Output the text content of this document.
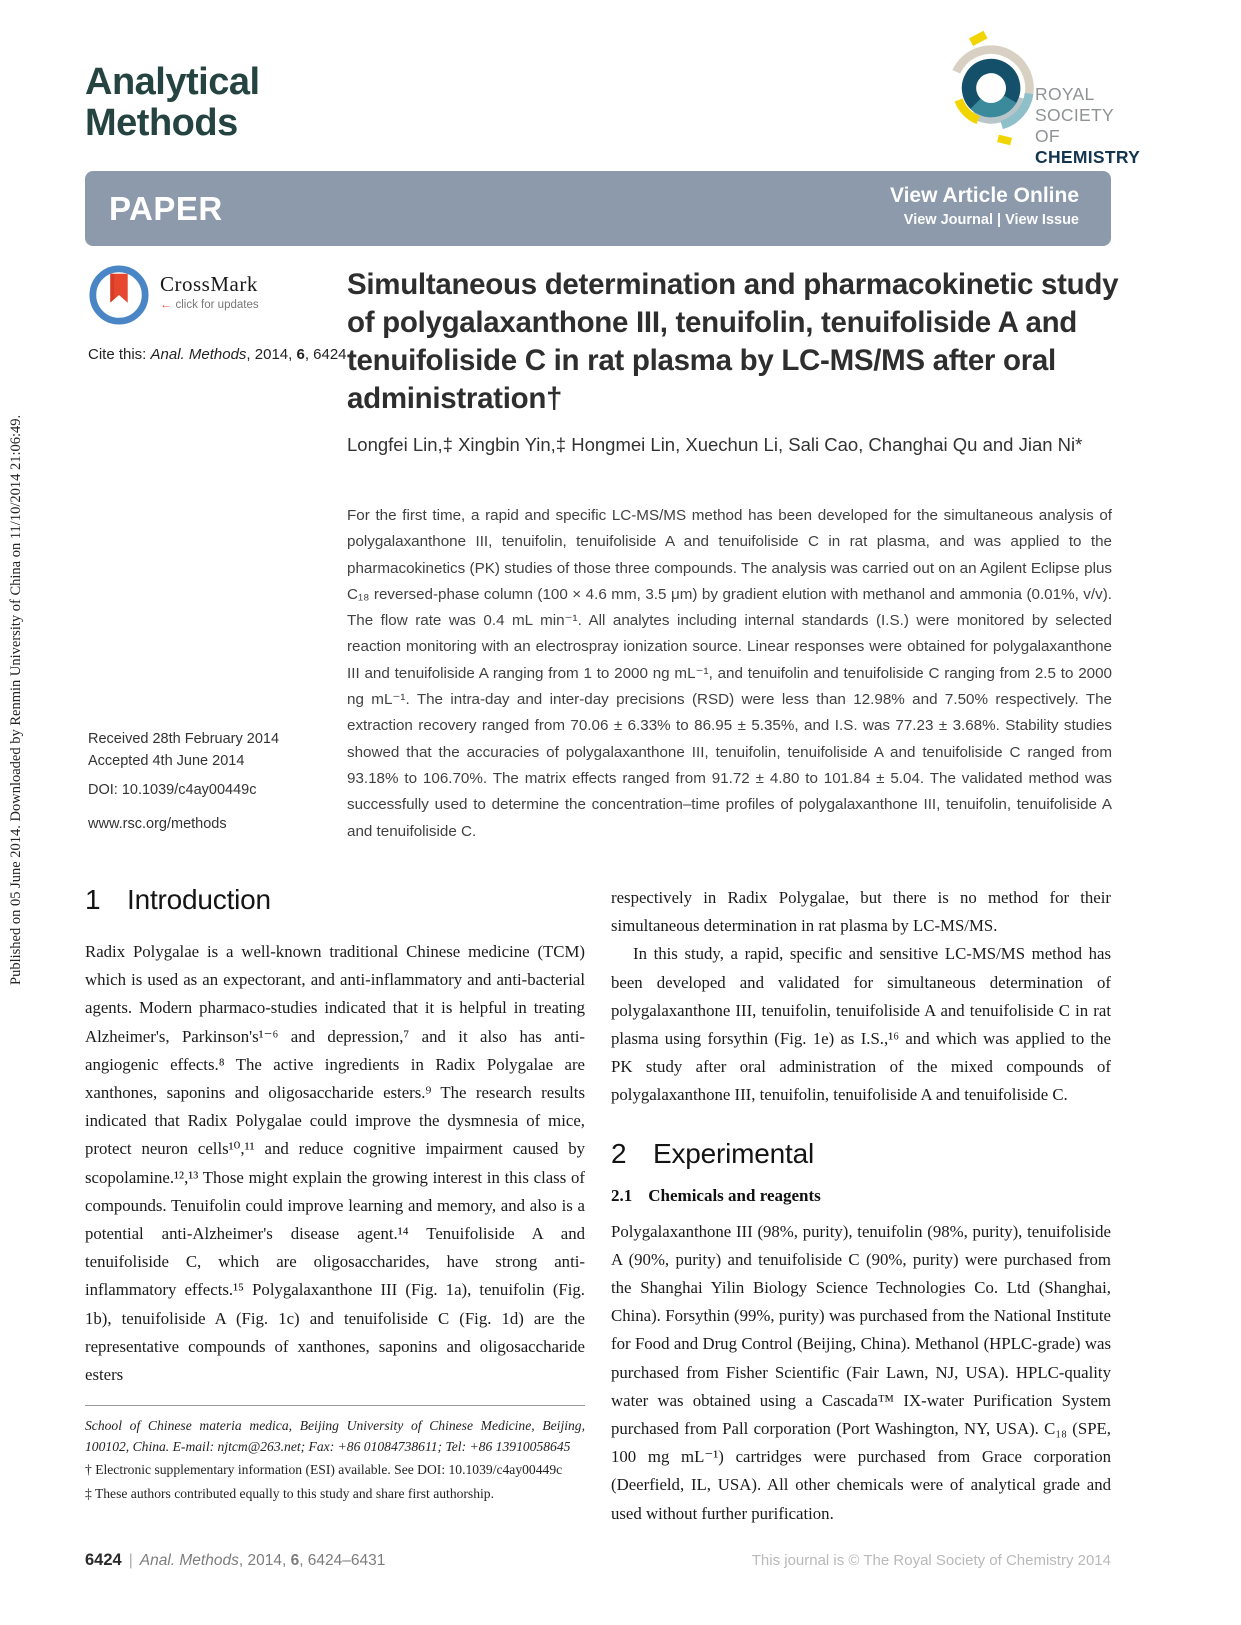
Published on 05 June 2014. Downloaded by Renmin University of China on 11/10/2014 21:06:49.
Analytical
Methods
ROYAL SOCIETY
OF CHEMISTRY
PAPER	View Article Online
View Journal | View Issue
CrossMark
← click for updates
Cite this: Anal. Methods, 2014, 6, 6424
Simultaneous determination and pharmacokinetic study of polygalaxanthone III, tenuifolin, tenuifoliside A and tenuifoliside C in rat plasma by LC-MS/MS after oral administration†
Longfei Lin,‡ Xingbin Yin,‡ Hongmei Lin, Xuechun Li, Sali Cao, Changhai Qu and Jian Ni*
For the first time, a rapid and specific LC-MS/MS method has been developed for the simultaneous analysis of polygalaxanthone III, tenuifolin, tenuifoliside A and tenuifoliside C in rat plasma, and was applied to the pharmacokinetics (PK) studies of those three compounds. The analysis was carried out on an Agilent Eclipse plus C₁₈ reversed-phase column (100 × 4.6 mm, 3.5 μm) by gradient elution with methanol and ammonia (0.01%, v/v). The flow rate was 0.4 mL min⁻¹. All analytes including internal standards (I.S.) were monitored by selected reaction monitoring with an electrospray ionization source. Linear responses were obtained for polygalaxanthone III and tenuifoliside A ranging from 1 to 2000 ng mL⁻¹, and tenuifolin and tenuifoliside C ranging from 2.5 to 2000 ng mL⁻¹. The intra-day and inter-day precisions (RSD) were less than 12.98% and 7.50% respectively. The extraction recovery ranged from 70.06 ± 6.33% to 86.95 ± 5.35%, and I.S. was 77.23 ± 3.68%. Stability studies showed that the accuracies of polygalaxanthone III, tenuifolin, tenuifoliside A and tenuifoliside C ranged from 93.18% to 106.70%. The matrix effects ranged from 91.72 ± 4.80 to 101.84 ± 5.04. The validated method was successfully used to determine the concentration–time profiles of polygalaxanthone III, tenuifolin, tenuifoliside A and tenuifoliside C.
Received 28th February 2014
Accepted 4th June 2014
DOI: 10.1039/c4ay00449c
www.rsc.org/methods
1 Introduction

Radix Polygalae is a well-known traditional Chinese medicine (TCM) which is used as an expectorant, and anti-inflammatory and anti-bacterial agents. Modern pharmaco-studies indicated that it is helpful in treating Alzheimer's, Parkinson's¹⁻⁶ and depression,⁷ and it also has anti-angiogenic effects.⁸ The active ingredients in Radix Polygalae are xanthones, saponins and oligosaccharide esters.⁹ The research results indicated that Radix Polygalae could improve the dysmnesia of mice, protect neuron cells¹⁰,¹¹ and reduce cognitive impairment caused by scopolamine.¹²,¹³ Those might explain the growing interest in this class of compounds. Tenuifolin could improve learning and memory, and also is a potential anti-Alzheimer's disease agent.¹⁴ Tenuifoliside A and tenuifoliside C, which are oligosaccharides, have strong anti-inflammatory effects.¹⁵ Polygalaxanthone III (Fig. 1a), tenuifolin (Fig. 1b), tenuifoliside A (Fig. 1c) and tenuifoliside C (Fig. 1d) are the representative compounds of xanthones, saponins and oligosaccharide esters

School of Chinese materia medica, Beijing University of Chinese Medicine, Beijing, 100102, China. E-mail: njtcm@263.net; Fax: +86 01084738611; Tel: +86 13910058645

† Electronic supplementary information (ESI) available. See DOI: 10.1039/c4ay00449c

‡ These authors contributed equally to this study and share first authorship.

respectively in Radix Polygalae, but there is no method for their simultaneous determination in rat plasma by LC-MS/MS.

In this study, a rapid, specific and sensitive LC-MS/MS method has been developed and validated for simultaneous determination of polygalaxanthone III, tenuifolin, tenuifoliside A and tenuifoliside C in rat plasma using forsythin (Fig. 1e) as I.S.,¹⁶ and which was applied to the PK study after oral administration of the mixed compounds of polygalaxanthone III, tenuifolin, tenuifoliside A and tenuifoliside C.

2 Experimental
2.1 Chemicals and reagents

Polygalaxanthone III (98%, purity), tenuifolin (98%, purity), tenuifoliside A (90%, purity) and tenuifoliside C (90%, purity) were purchased from the Shanghai Yilin Biology Science Technologies Co. Ltd (Shanghai, China). Forsythin (99%, purity) was purchased from the National Institute for Food and Drug Control (Beijing, China). Methanol (HPLC-grade) was purchased from Fisher Scientific (Fair Lawn, NJ, USA). HPLC-quality water was obtained using a Cascada™ IX-water Purification System purchased from Pall corporation (Port Washington, NY, USA). C₁₈ (SPE, 100 mg mL⁻¹) cartridges were purchased from Grace corporation (Deerfield, IL, USA). All other chemicals were of analytical grade and used without further purification.

6424 | Anal. Methods, 2014, 6, 6424–6431	This journal is © The Royal Society of Chemistry 2014
